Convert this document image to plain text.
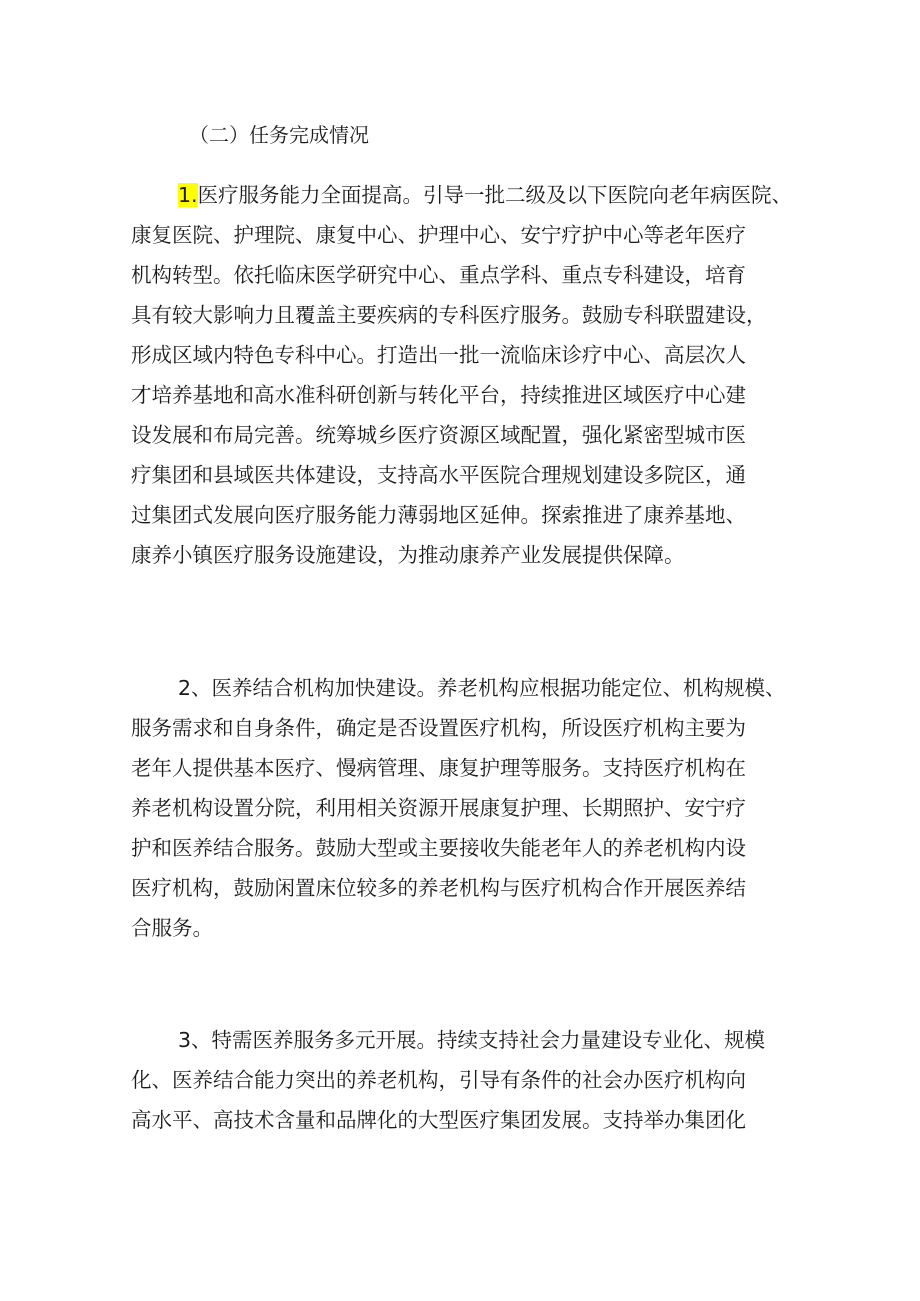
（二）任务完成情况
1.医疗服务能力全面提高。引导一批二级及以下医院向老年病医院、
康复医院、护理院、康复中心、护理中心、安宁疗护中心等老年医疗
机构转型。依托临床医学研究中心、重点学科、重点专科建设，培育
具有较大影响力且覆盖主要疾病的专科医疗服务。鼓励专科联盟建设，
形成区域内特色专科中心。打造出一批一流临床诊疗中心、高层次人
才培养基地和高水准科研创新与转化平台，持续推进区域医疗中心建
设发展和布局完善。统筹城乡医疗资源区域配置，强化紧密型城市医
疗集团和县域医共体建设，支持高水平医院合理规划建设多院区，通
过集团式发展向医疗服务能力薄弱地区延伸。探索推进了康养基地、
康养小镇医疗服务设施建设，为推动康养产业发展提供保障。
2、医养结合机构加快建设。养老机构应根据功能定位、机构规模、
服务需求和自身条件，确定是否设置医疗机构，所设医疗机构主要为
老年人提供基本医疗、慢病管理、康复护理等服务。支持医疗机构在
养老机构设置分院，利用相关资源开展康复护理、长期照护、安宁疗
护和医养结合服务。鼓励大型或主要接收失能老年人的养老机构内设
医疗机构，鼓励闲置床位较多的养老机构与医疗机构合作开展医养结
合服务。
3、特需医养服务多元开展。持续支持社会力量建设专业化、规模
化、医养结合能力突出的养老机构，引导有条件的社会办医疗机构向
高水平、高技术含量和品牌化的大型医疗集团发展。支持举办集团化
